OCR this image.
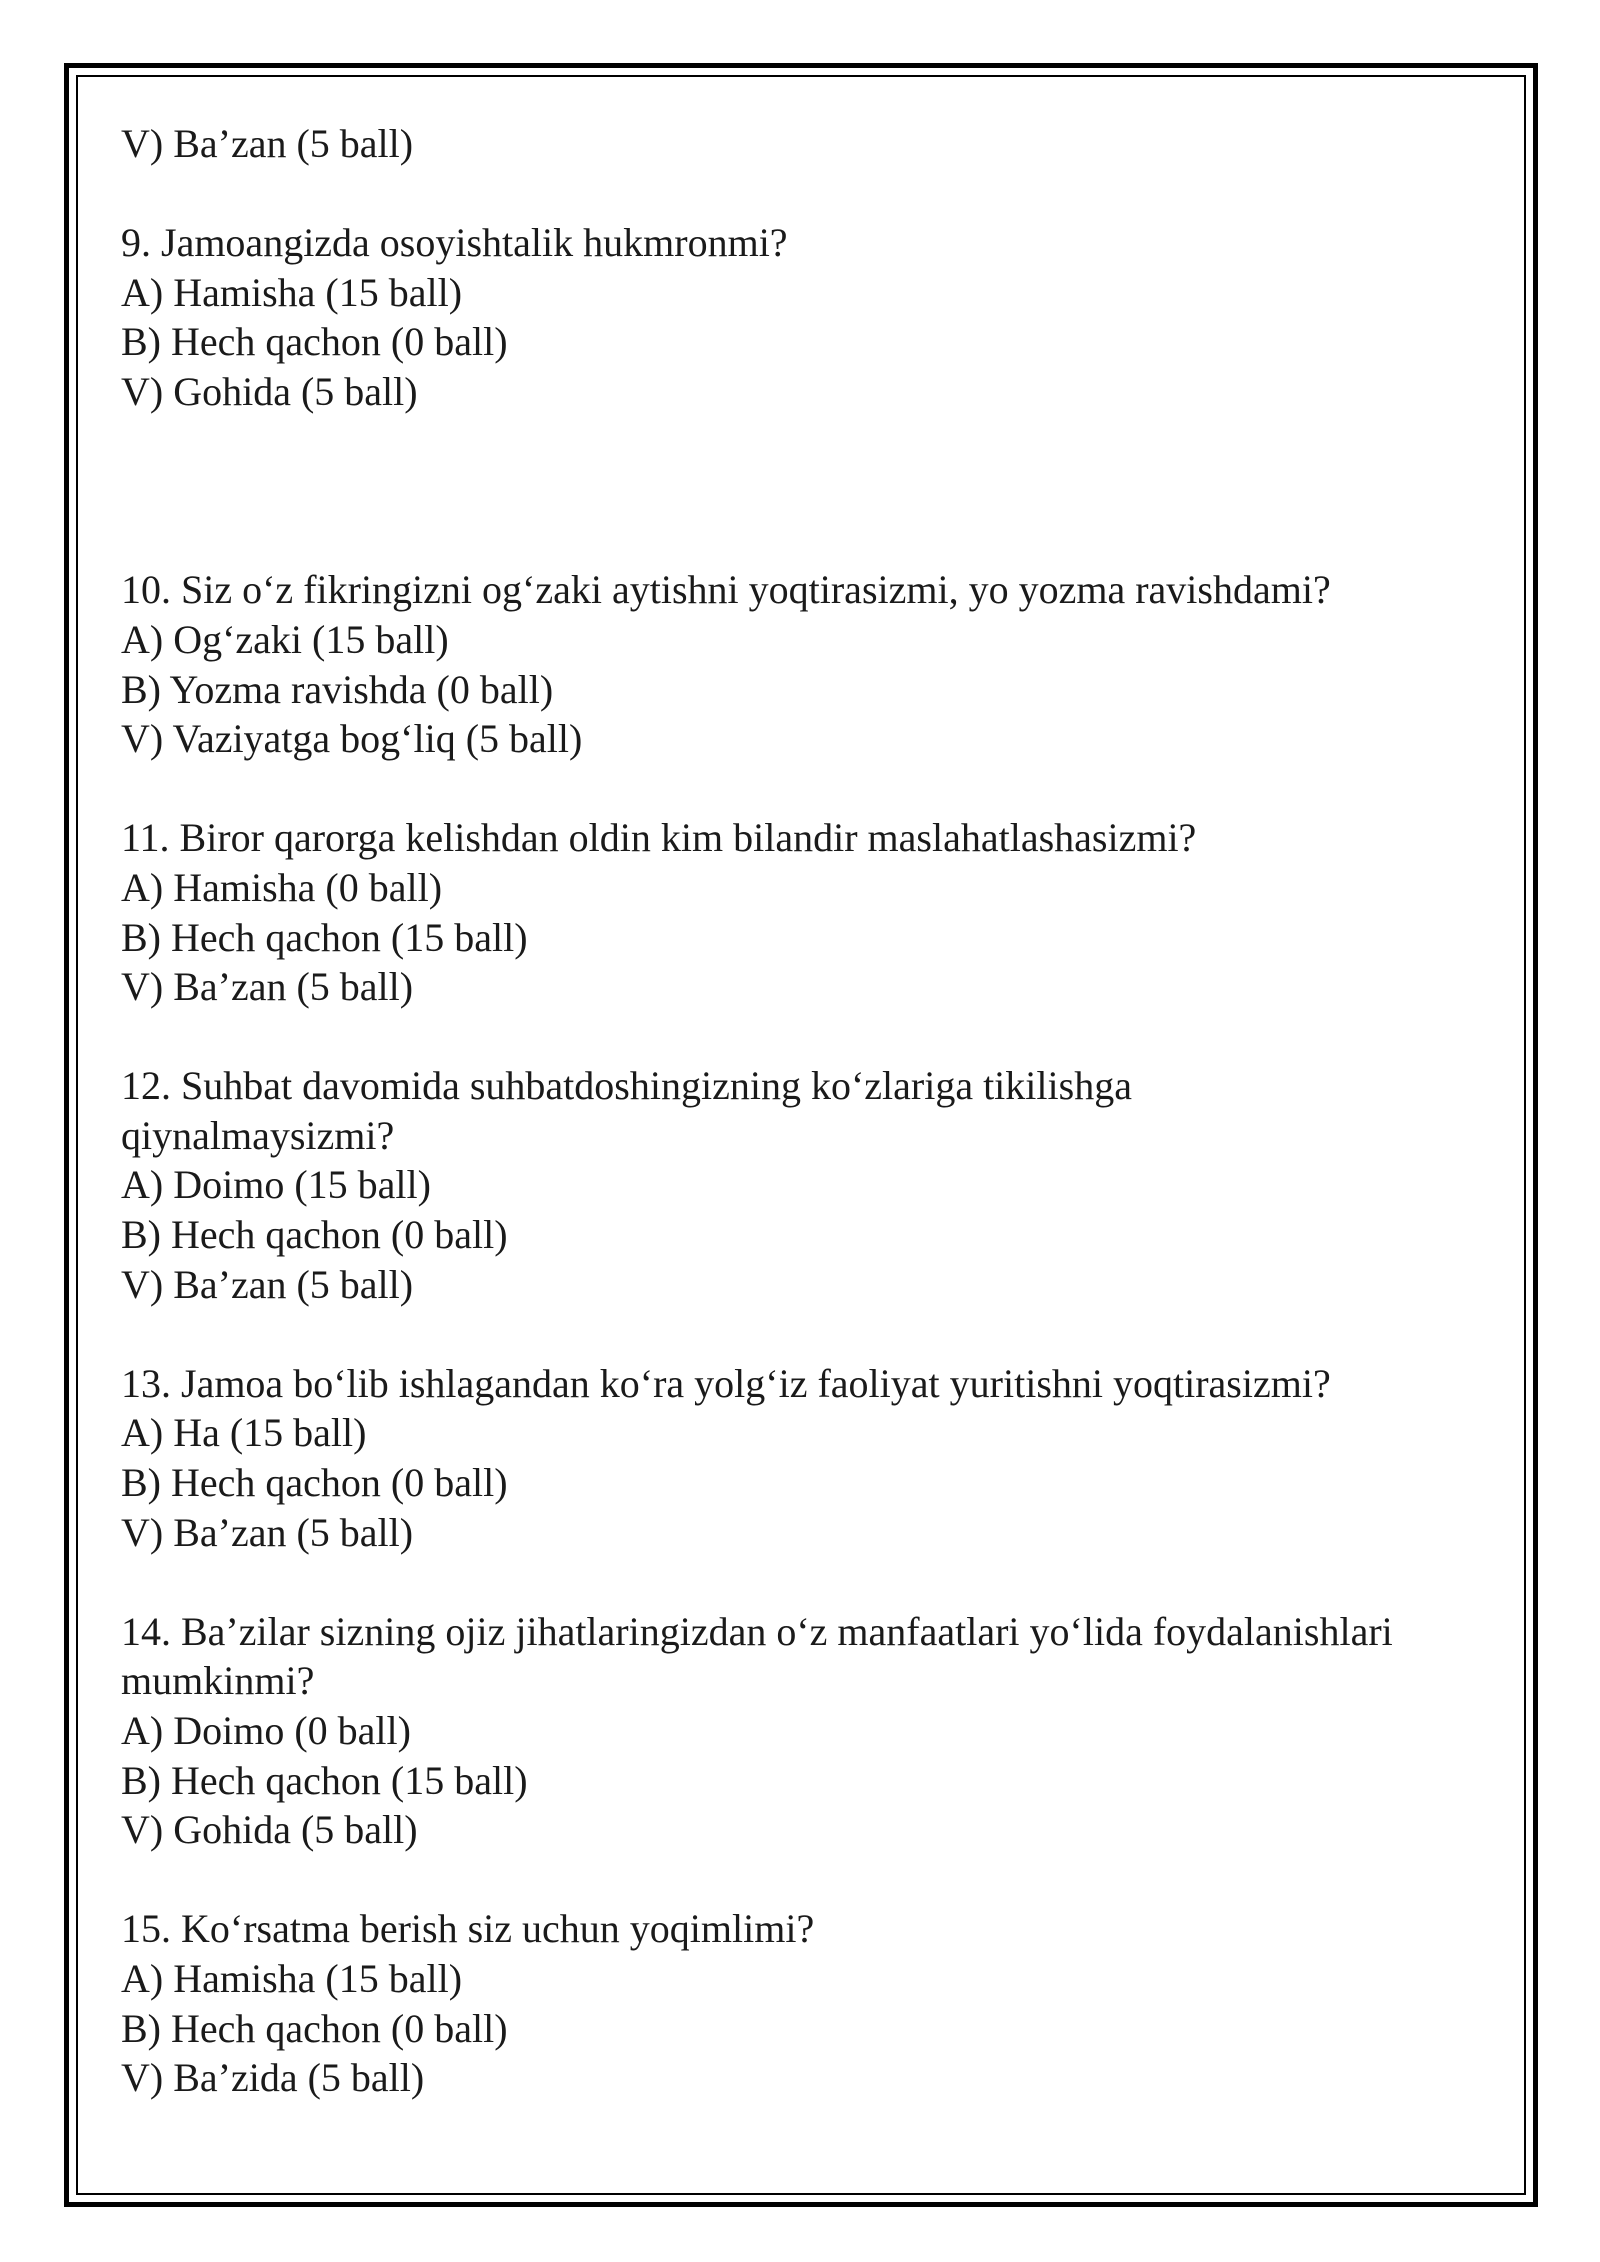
V) Ba’zan (5 ball)

9. Jamoangizda osoyishtalik hukmronmi?

A) Hamisha (15 ball)

B) Hech qachon (0 ball)

V) Gohida (5 ball)

10. Siz o‘z fikringizni og‘zaki aytishni yoqtirasizmi, yo yozma ravishdami?

A) Og‘zaki (15 ball)

B) Yozma ravishda (0 ball)

V) Vaziyatga bog‘liq (5 ball)

11. Biror qarorga kelishdan oldin kim bilandir maslahatlashasizmi?

A) Hamisha (0 ball)

B) Hech qachon (15 ball)

V) Ba’zan (5 ball)

12. Suhbat davomida suhbatdoshingizning ko‘zlariga tikilishga

qiynalmaysizmi?

A) Doimo (15 ball)

B) Hech qachon (0 ball)

V) Ba’zan (5 ball)

13. Jamoa bo‘lib ishlagandan ko‘ra yolg‘iz faoliyat yuritishni yoqtirasizmi?

A) Ha (15 ball)

B) Hech qachon (0 ball)

V) Ba’zan (5 ball)

14. Ba’zilar sizning ojiz jihatlaringizdan o‘z manfaatlari yo‘lida foydalanishlari

mumkinmi?

A) Doimo (0 ball)

B) Hech qachon (15 ball)

V) Gohida (5 ball)

15. Ko‘rsatma berish siz uchun yoqimlimi?

A) Hamisha (15 ball)

B) Hech qachon (0 ball)

V) Ba’zida (5 ball)
